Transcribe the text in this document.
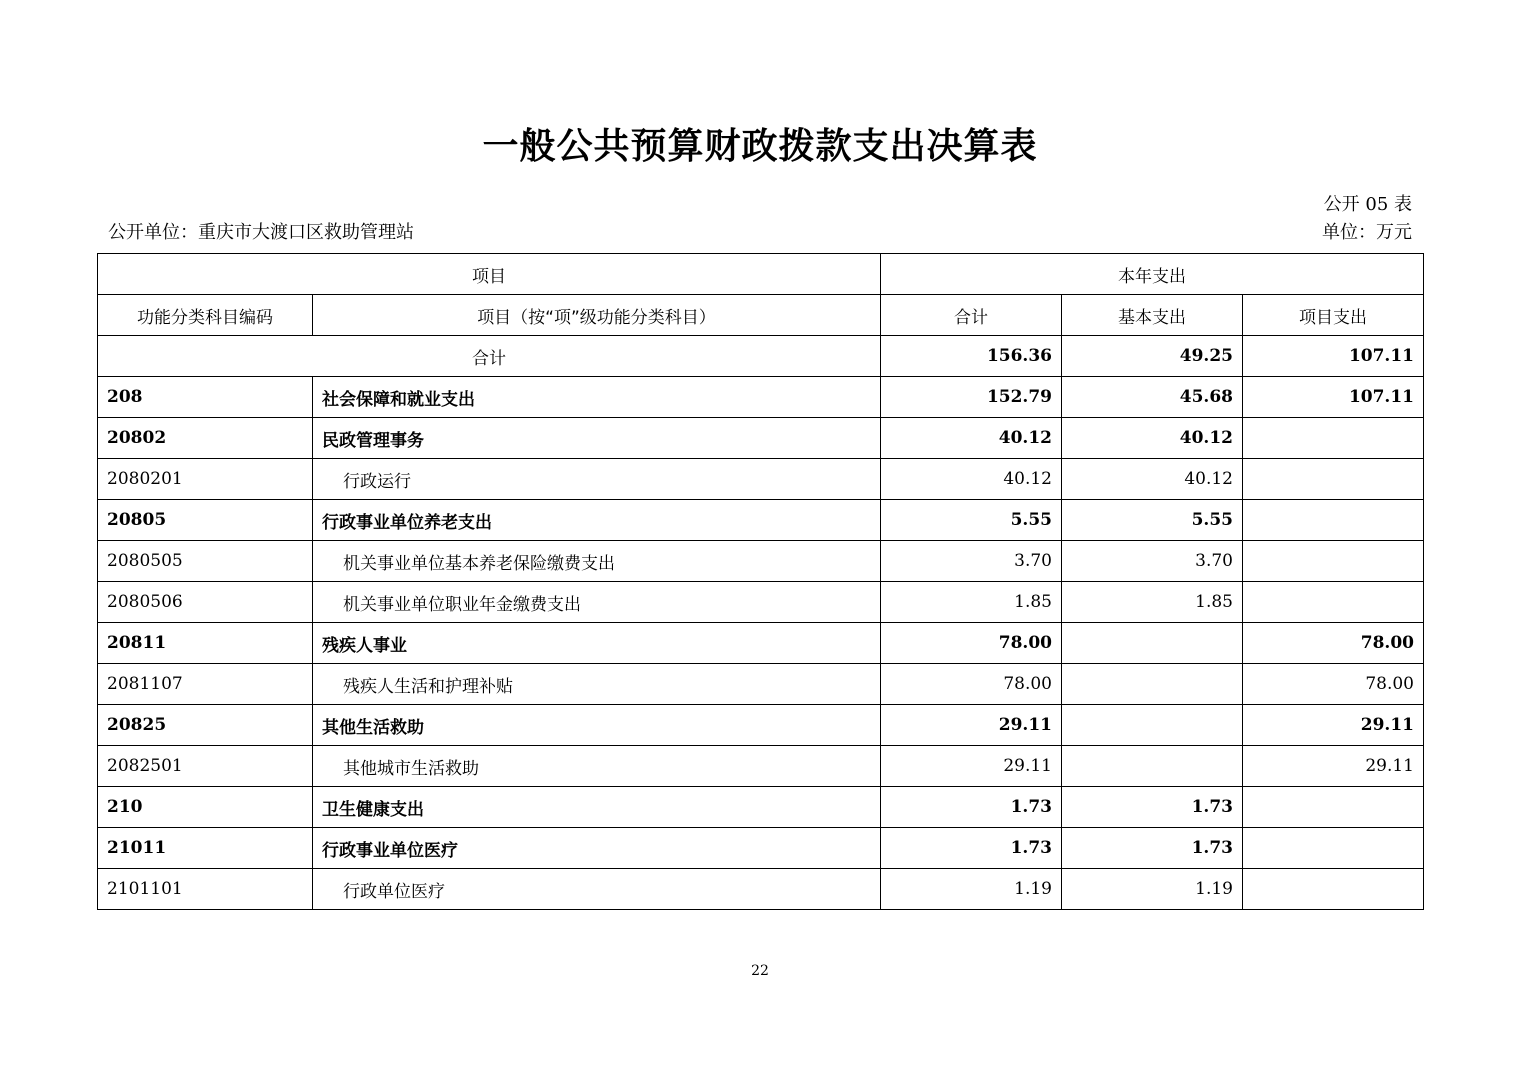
一般公共预算财政拨款支出决算表
公开 05 表
公开单位：重庆市大渡口区救助管理站	单位：万元
项目		本年支出		
功能分类科目编码	项目（按“项”级功能分类科目）	合计	基本支出	项目支出
合计		156.36	49.25	107.11
208	社会保障和就业支出	152.79	45.68	107.11
20802	民政管理事务	40.12	40.12	
2080201	行政运行	40.12	40.12	
20805	行政事业单位养老支出	5.55	5.55	
2080505	机关事业单位基本养老保险缴费支出	3.70	3.70	
2080506	机关事业单位职业年金缴费支出	1.85	1.85	
20811	残疾人事业	78.00		78.00
2081107	残疾人生活和护理补贴	78.00		78.00
20825	其他生活救助	29.11		29.11
2082501	其他城市生活救助	29.11		29.11
210	卫生健康支出	1.73	1.73	
21011	行政事业单位医疗	1.73	1.73	
2101101	行政单位医疗	1.19	1.19	
22
